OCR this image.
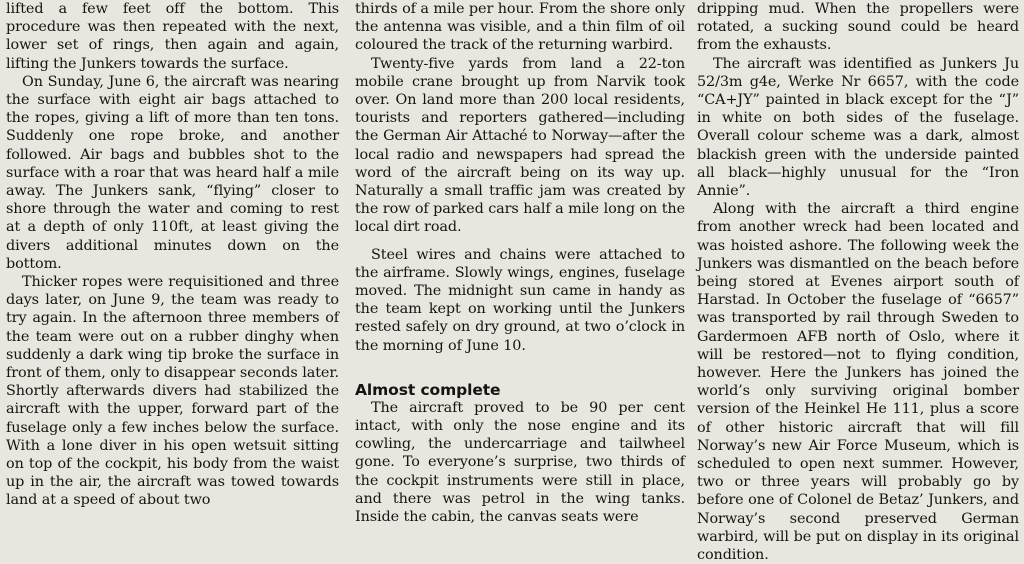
lifted a few feet off the bottom. This procedure was then repeated with the next, lower set of rings, then again and again, lifting the Junkers towards the surface.

On Sunday, June 6, the aircraft was nearing the surface with eight air bags attached to the ropes, giving a lift of more than ten tons. Suddenly one rope broke, and another followed. Air bags and bubbles shot to the surface with a roar that was heard half a mile away. The Junkers sank, “flying” closer to shore through the water and coming to rest at a depth of only 110ft, at least giving the divers additional minutes down on the bottom.

Thicker ropes were requisitioned and three days later, on June 9, the team was ready to try again. In the afternoon three members of the team were out on a rubber dinghy when suddenly a dark wing tip broke the surface in front of them, only to disappear seconds later. Shortly afterwards divers had stabilized the aircraft with the upper, forward part of the fuselage only a few inches below the surface. With a lone diver in his open wetsuit sitting on top of the cockpit, his body from the waist up in the air, the aircraft was towed towards land at a speed of about two

thirds of a mile per hour. From the shore only the antenna was visible, and a thin film of oil coloured the track of the returning warbird.

Twenty-five yards from land a 22-ton mobile crane brought up from Narvik took over. On land more than 200 local residents, tourists and reporters gathered—including the German Air Attaché to Norway—after the local radio and newspapers had spread the word of the aircraft being on its way up. Naturally a small traffic jam was created by the row of parked cars half a mile long on the local dirt road.

Steel wires and chains were attached to the airframe. Slowly wings, engines, fuselage moved. The midnight sun came in handy as the team kept on working until the Junkers rested safely on dry ground, at two o’clock in the morning of June 10.

Almost complete

The aircraft proved to be 90 per cent intact, with only the nose engine and its cowling, the undercarriage and tailwheel gone. To everyone’s surprise, two thirds of the cockpit instruments were still in place, and there was petrol in the wing tanks. Inside the cabin, the canvas seats were

dripping mud. When the propellers were rotated, a sucking sound could be heard from the exhausts.

The aircraft was identified as Junkers Ju 52/3m g4e, Werke Nr 6657, with the code “CA+JY” painted in black except for the “J” in white on both sides of the fuselage. Overall colour scheme was a dark, almost blackish green with the underside painted all black—highly unusual for the “Iron Annie”.

Along with the aircraft a third engine from another wreck had been located and was hoisted ashore. The following week the Junkers was dismantled on the beach before being stored at Evenes airport south of Harstad. In October the fuselage of “6657” was transported by rail through Sweden to Gardermoen AFB north of Oslo, where it will be restored—not to flying condition, however. Here the Junkers has joined the world’s only surviving original bomber version of the Heinkel He 111, plus a score of other historic aircraft that will fill Norway’s new Air Force Museum, which is scheduled to open next summer. However, two or three years will probably go by before one of Colonel de Betaz’ Junkers, and Norway’s second preserved German warbird, will be put on display in its original condition.
